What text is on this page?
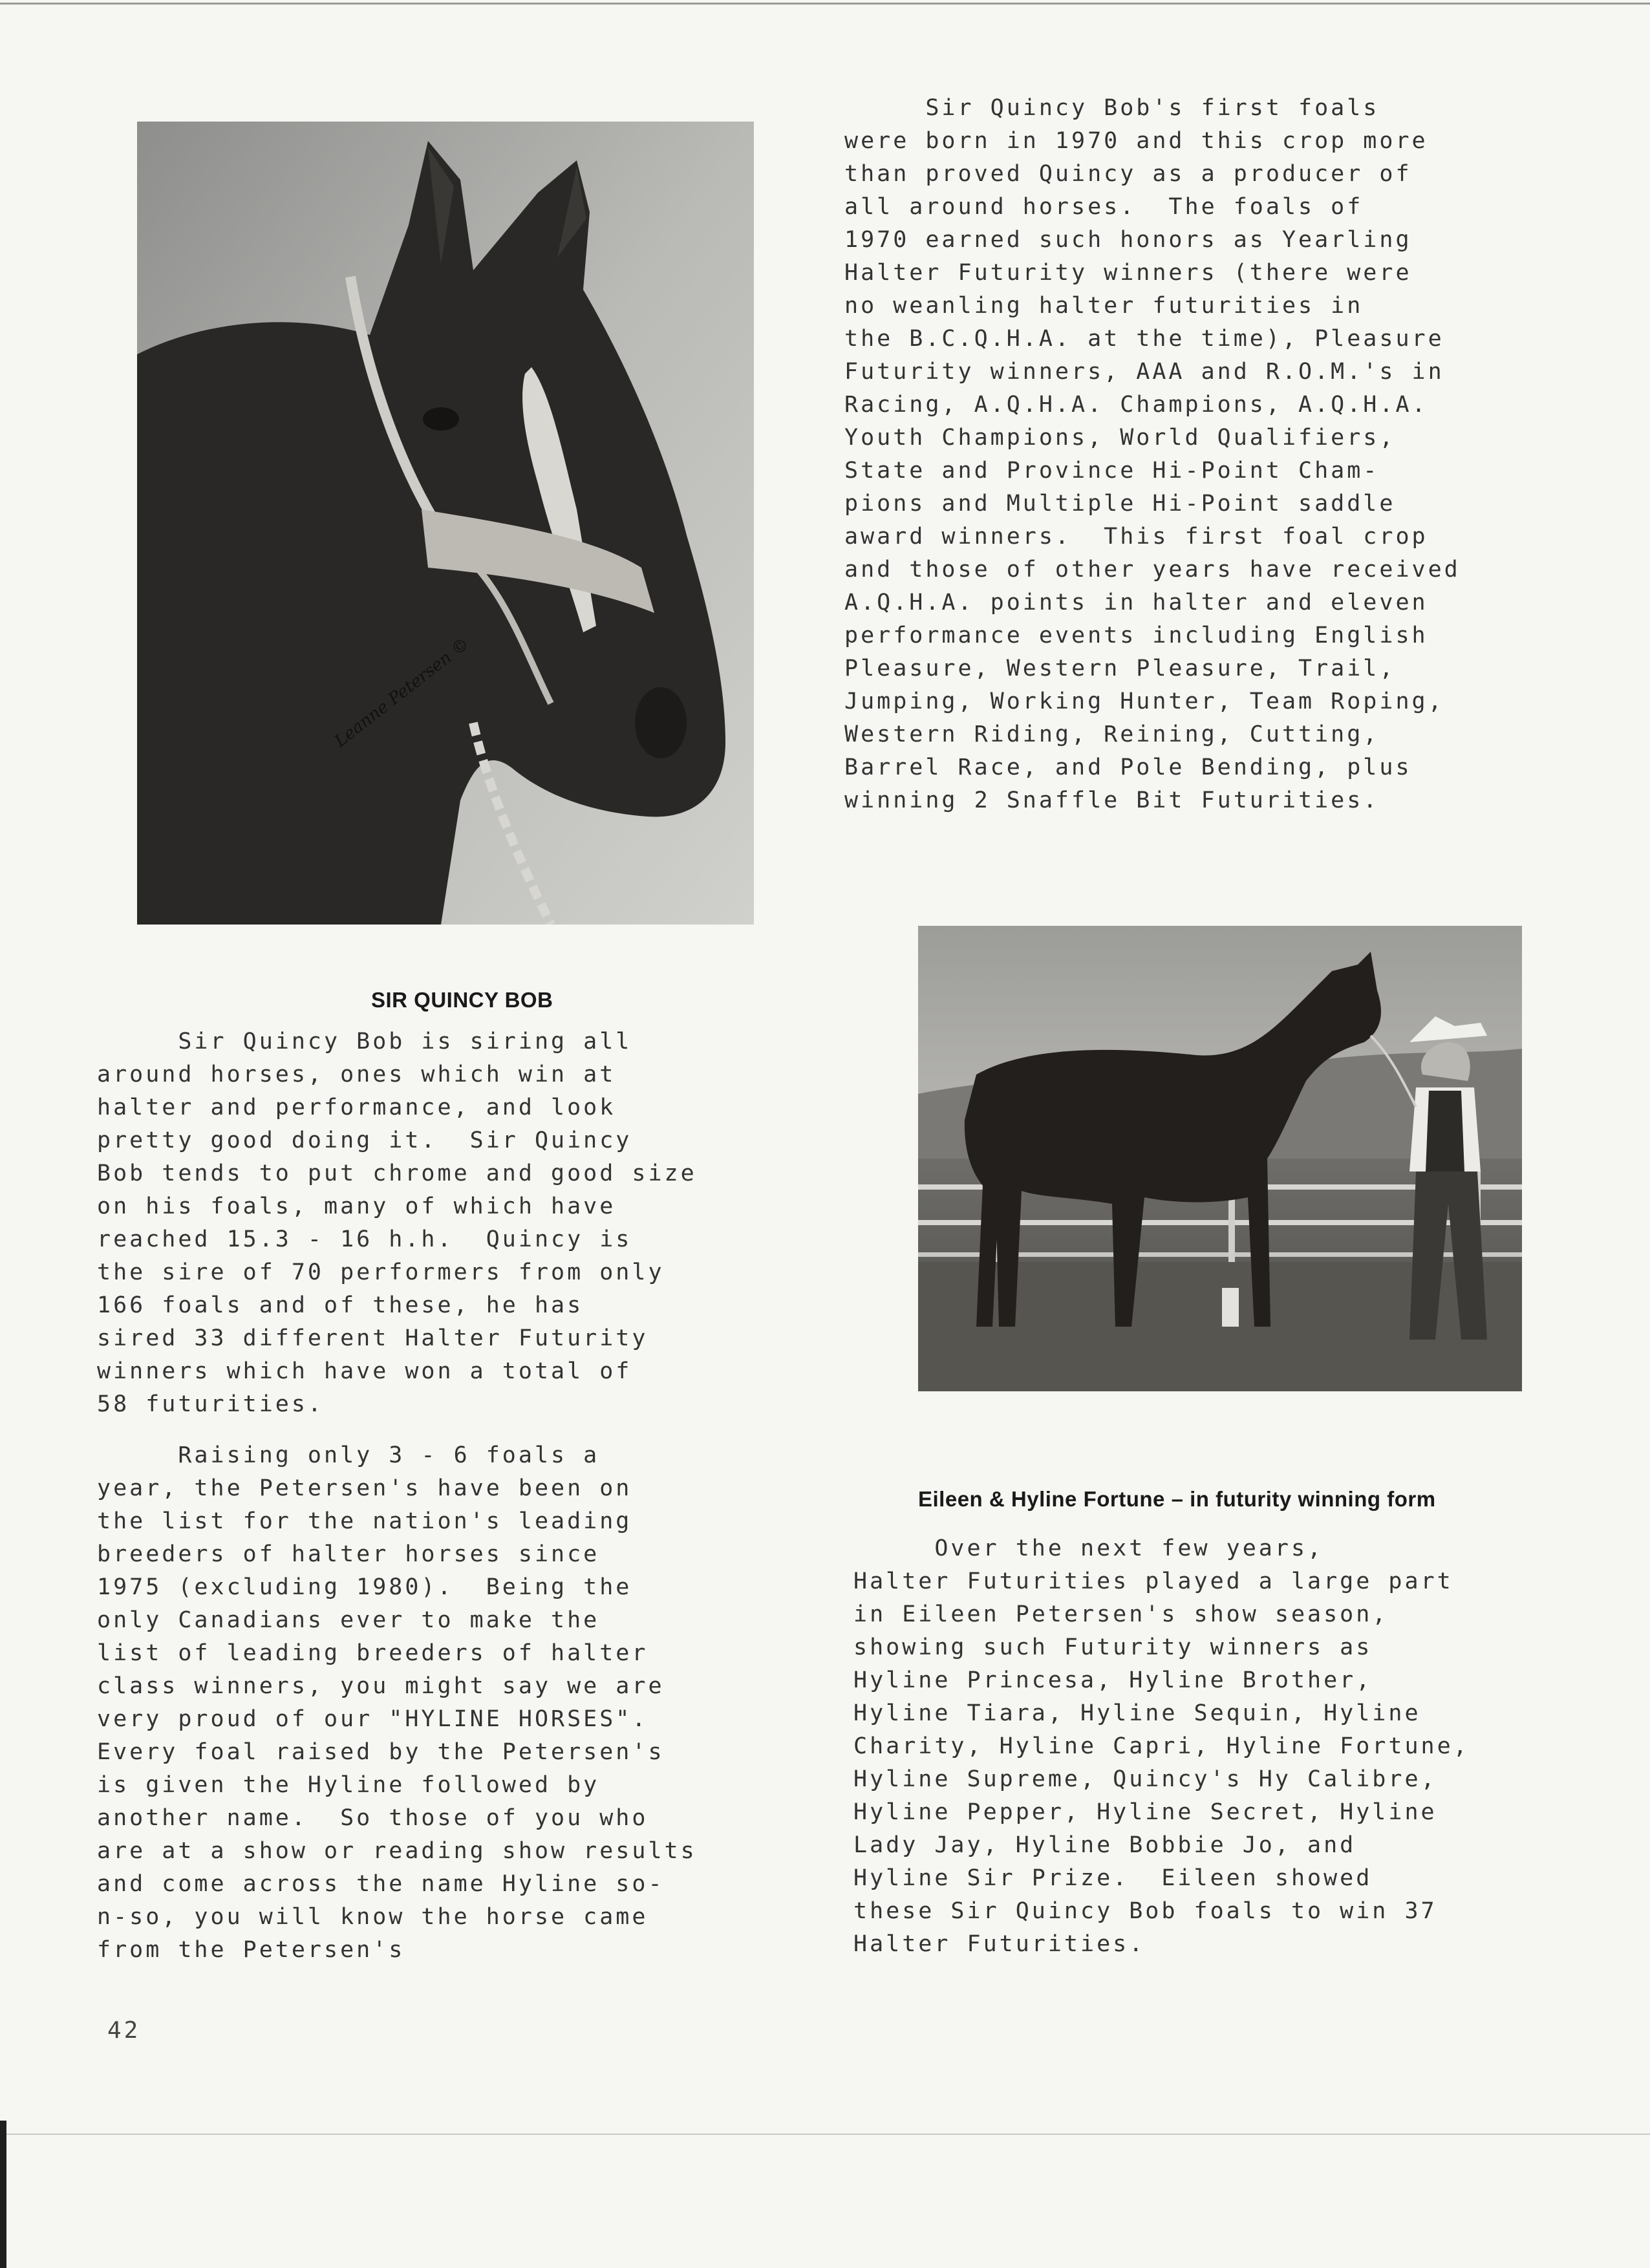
Leanne Petersen ©

Sir Quincy Bob's first foals

were born in 1970 and this crop more

than proved Quincy as a producer of

all around horses.  The foals of

1970 earned such honors as Yearling

Halter Futurity winners (there were

no weanling halter futurities in

the B.C.Q.H.A. at the time), Pleasure

Futurity winners, AAA and R.O.M.'s in

Racing, A.Q.H.A. Champions, A.Q.H.A.

Youth Champions, World Qualifiers,

State and Province Hi-Point Cham-

pions and Multiple Hi-Point saddle

award winners.  This first foal crop

and those of other years have received

A.Q.H.A. points in halter and eleven

performance events including English

Pleasure, Western Pleasure, Trail,

Jumping, Working Hunter, Team Roping,

Western Riding, Reining, Cutting,

Barrel Race, and Pole Bending, plus

winning 2 Snaffle Bit Futurities.

SIR QUINCY BOB

Sir Quincy Bob is siring all

around horses, ones which win at

halter and performance, and look

pretty good doing it.  Sir Quincy

Bob tends to put chrome and good size

on his foals, many of which have

reached 15.3 - 16 h.h.  Quincy is

the sire of 70 performers from only

166 foals and of these, he has

sired 33 different Halter Futurity

winners which have won a total of

58 futurities.

Raising only 3 - 6 foals a

year, the Petersen's have been on

the list for the nation's leading

breeders of halter horses since

1975 (excluding 1980).  Being the

only Canadians ever to make the

list of leading breeders of halter

class winners, you might say we are

very proud of our "HYLINE HORSES".

Every foal raised by the Petersen's

is given the Hyline followed by

another name.  So those of you who

are at a show or reading show results

and come across the name Hyline so-

n-so, you will know the horse came

from the Petersen's

Eileen & Hyline Fortune – in futurity winning form

Over the next few years,

Halter Futurities played a large part

in Eileen Petersen's show season,

showing such Futurity winners as

Hyline Princesa, Hyline Brother,

Hyline Tiara, Hyline Sequin, Hyline

Charity, Hyline Capri, Hyline Fortune,

Hyline Supreme, Quincy's Hy Calibre,

Hyline Pepper, Hyline Secret, Hyline

Lady Jay, Hyline Bobbie Jo, and

Hyline Sir Prize.  Eileen showed

these Sir Quincy Bob foals to win 37

Halter Futurities.

42
